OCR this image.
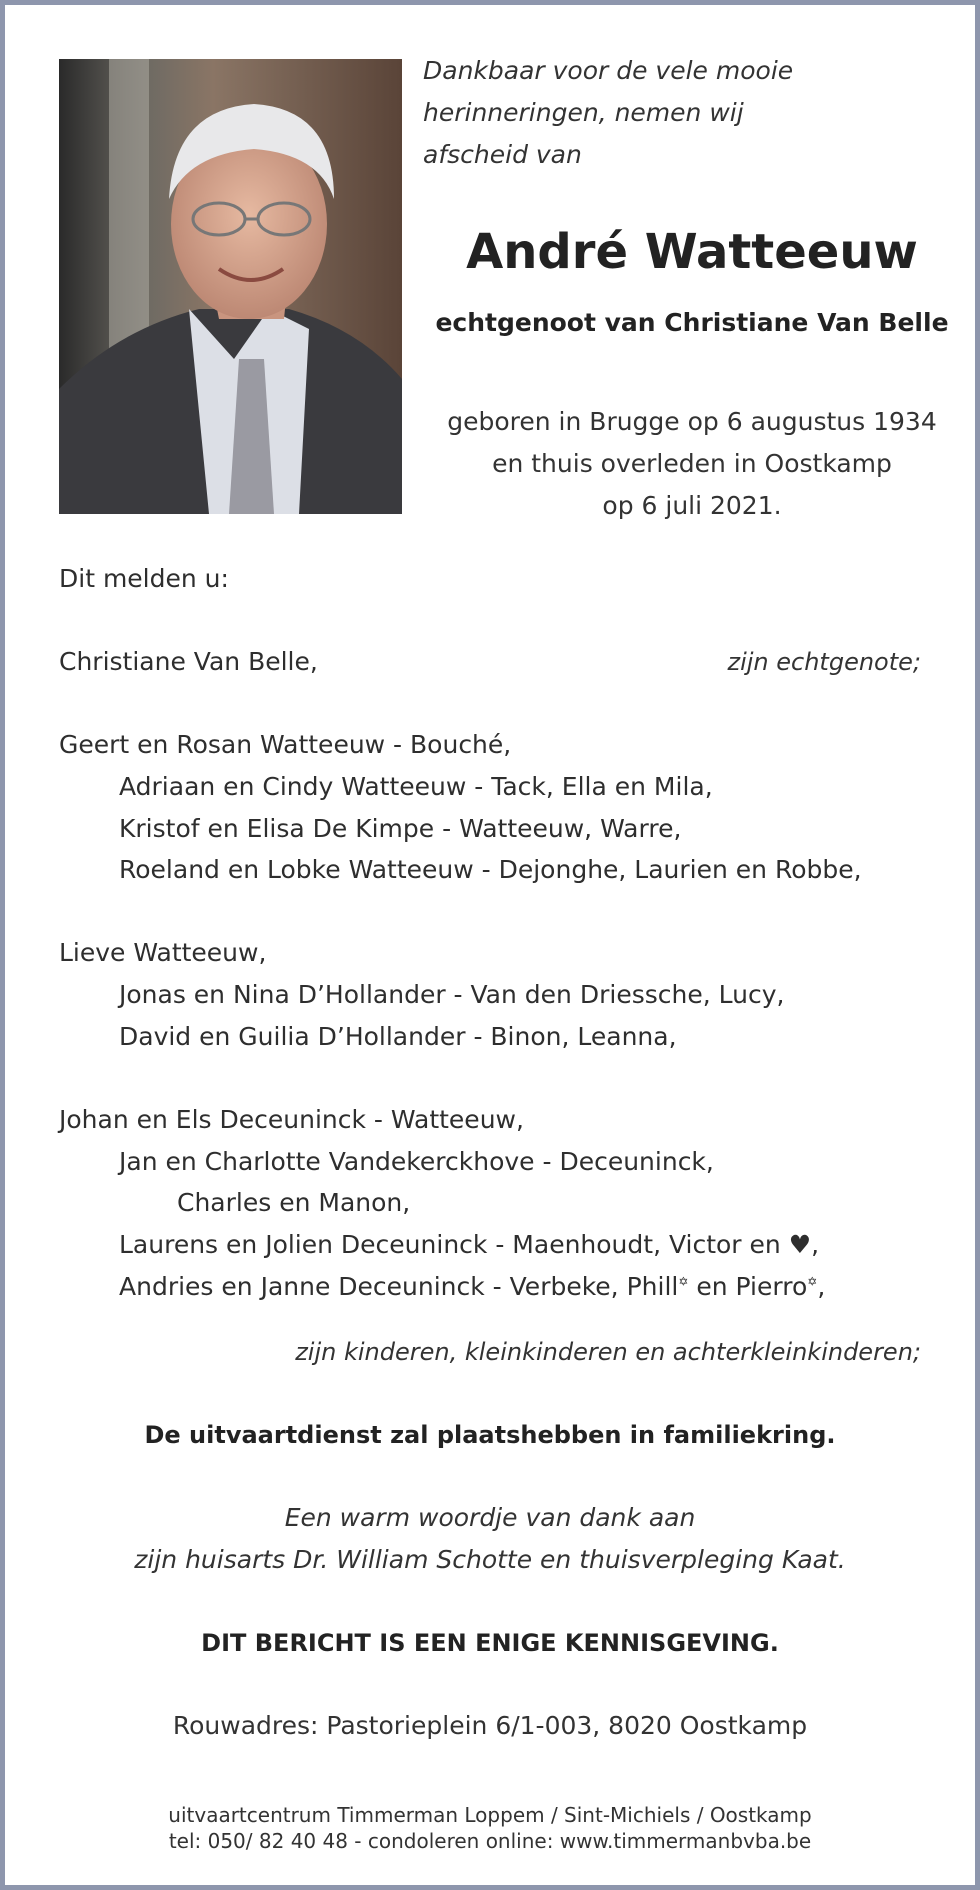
Dankbaar voor de vele mooie
herinneringen, nemen wij
afscheid van
André Watteeuw
echtgenoot van Christiane Van Belle
geboren in Brugge op 6 augustus 1934
en thuis overleden in Oostkamp
op 6 juli 2021.
Dit melden u:
Christiane Van Belle,	zijn echtgenote;
Geert en Rosan Watteeuw - Bouché,
Adriaan en Cindy Watteeuw - Tack, Ella en Mila,
Kristof en Elisa De Kimpe - Watteeuw, Warre,
Roeland en Lobke Watteeuw - Dejonghe, Laurien en Robbe,
Lieve Watteeuw,
Jonas en Nina D’Hollander - Van den Driessche, Lucy,
David en Guilia D’Hollander - Binon, Leanna,
Johan en Els Deceuninck - Watteeuw,
Jan en Charlotte Vandekerckhove - Deceuninck,
Charles en Manon,
Laurens en Jolien Deceuninck - Maenhoudt, Victor en ♥,
Andries en Janne Deceuninck - Verbeke, Phill✡ en Pierro✡,
zijn kinderen, kleinkinderen en achterkleinkinderen;
De uitvaartdienst zal plaatshebben in familiekring.
Een warm woordje van dank aan
zijn huisarts Dr. William Schotte en thuisverpleging Kaat.
DIT BERICHT IS EEN ENIGE KENNISGEVING.
Rouwadres: Pastorieplein 6/1-003, 8020 Oostkamp
uitvaartcentrum Timmerman Loppem / Sint-Michiels / Oostkamp
tel: 050/ 82 40 48 - condoleren online: www.timmermanbvba.be
